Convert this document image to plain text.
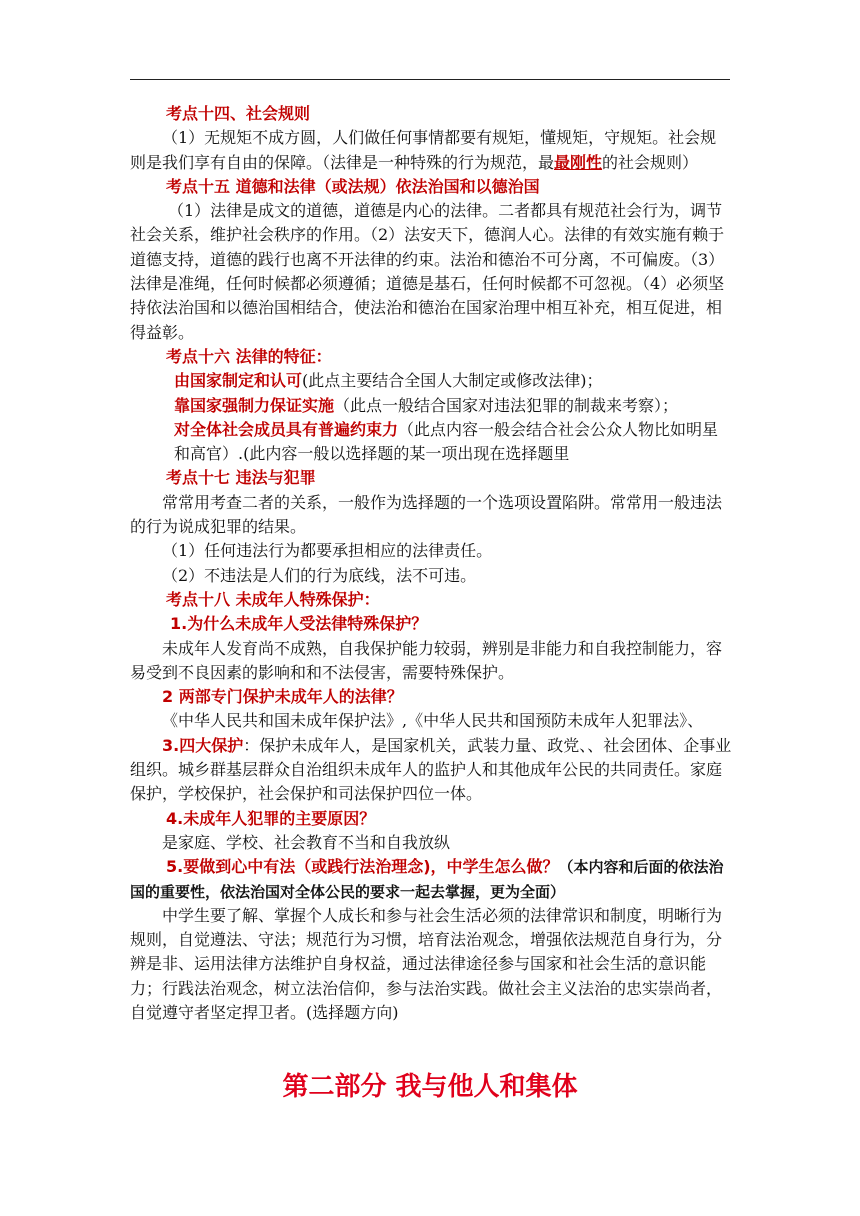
考点十四、社会规则

（1）无规矩不成方圆，人们做任何事情都要有规矩，懂规矩，守规矩。社会规则是我们享有自由的保障。（法律是一种特殊的行为规范，最最刚性的社会规则）

考点十五 道德和法律（或法规）依法治国和以德治国

（1）法律是成文的道德，道德是内心的法律。二者都具有规范社会行为，调节社会关系，维护社会秩序的作用。（2）法安天下，德润人心。法律的有效实施有赖于道德支持，道德的践行也离不开法律的约束。法治和德治不可分离，不可偏废。（3）法律是准绳，任何时候都必须遵循；道德是基石，任何时候都不可忽视。（4）必须坚持依法治国和以德治国相结合，使法治和德治在国家治理中相互补充，相互促进，相得益彰。

考点十六 法律的特征：

由国家制定和认可(此点主要结合全国人大制定或修改法律)；

靠国家强制力保证实施（此点一般结合国家对违法犯罪的制裁来考察）；

对全体社会成员具有普遍约束力（此点内容一般会结合社会公众人物比如明星和高官）.(此内容一般以选择题的某一项出现在选择题里

考点十七 违法与犯罪

常常用考查二者的关系，一般作为选择题的一个选项设置陷阱。常常用一般违法的行为说成犯罪的结果。

（1）任何违法行为都要承担相应的法律责任。

（2）不违法是人们的行为底线，法不可违。

考点十八 未成年人特殊保护：

1.为什么未成年人受法律特殊保护？

未成年人发育尚不成熟，自我保护能力较弱，辨别是非能力和自我控制能力，容易受到不良因素的影响和和不法侵害，需要特殊保护。

2 两部专门保护未成年人的法律？

《中华人民共和国未成年保护法》,《中华人民共和国预防未成年人犯罪法》、

3.四大保护：保护未成年人，是国家机关，武装力量、政党、、社会团体、企事业组织。城乡群基层群众自治组织未成年人的监护人和其他成年公民的共同责任。家庭保护，学校保护，社会保护和司法保护四位一体。

4.未成年人犯罪的主要原因？

是家庭、学校、社会教育不当和自我放纵

5.要做到心中有法（或践行法治理念)，中学生怎么做？（本内容和后面的依法治国的重要性，依法治国对全体公民的要求一起去掌握，更为全面）

中学生要了解、掌握个人成长和参与社会生活必须的法律常识和制度，明晰行为规则，自觉遵法、守法；规范行为习惯，培育法治观念，增强依法规范自身行为，分辨是非、运用法律方法维护自身权益，通过法律途径参与国家和社会生活的意识能力；行践法治观念，树立法治信仰，参与法治实践。做社会主义法治的忠实崇尚者，自觉遵守者坚定捍卫者。(选择题方向)

第二部分 我与他人和集体
